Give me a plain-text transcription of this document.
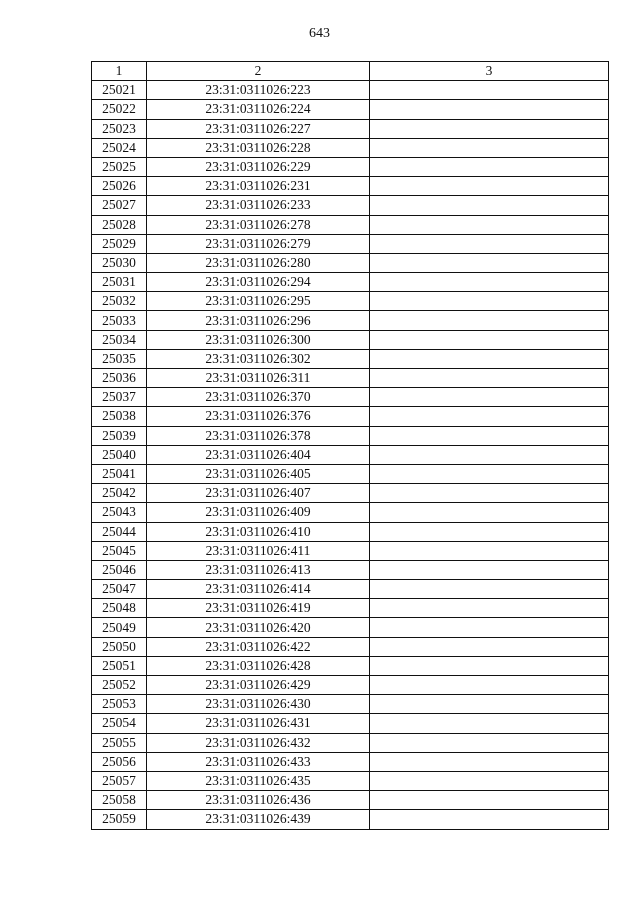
643
1	2	3
25021	23:31:0311026:223	
25022	23:31:0311026:224	
25023	23:31:0311026:227	
25024	23:31:0311026:228	
25025	23:31:0311026:229	
25026	23:31:0311026:231	
25027	23:31:0311026:233	
25028	23:31:0311026:278	
25029	23:31:0311026:279	
25030	23:31:0311026:280	
25031	23:31:0311026:294	
25032	23:31:0311026:295	
25033	23:31:0311026:296	
25034	23:31:0311026:300	
25035	23:31:0311026:302	
25036	23:31:0311026:311	
25037	23:31:0311026:370	
25038	23:31:0311026:376	
25039	23:31:0311026:378	
25040	23:31:0311026:404	
25041	23:31:0311026:405	
25042	23:31:0311026:407	
25043	23:31:0311026:409	
25044	23:31:0311026:410	
25045	23:31:0311026:411	
25046	23:31:0311026:413	
25047	23:31:0311026:414	
25048	23:31:0311026:419	
25049	23:31:0311026:420	
25050	23:31:0311026:422	
25051	23:31:0311026:428	
25052	23:31:0311026:429	
25053	23:31:0311026:430	
25054	23:31:0311026:431	
25055	23:31:0311026:432	
25056	23:31:0311026:433	
25057	23:31:0311026:435	
25058	23:31:0311026:436	
25059	23:31:0311026:439	
